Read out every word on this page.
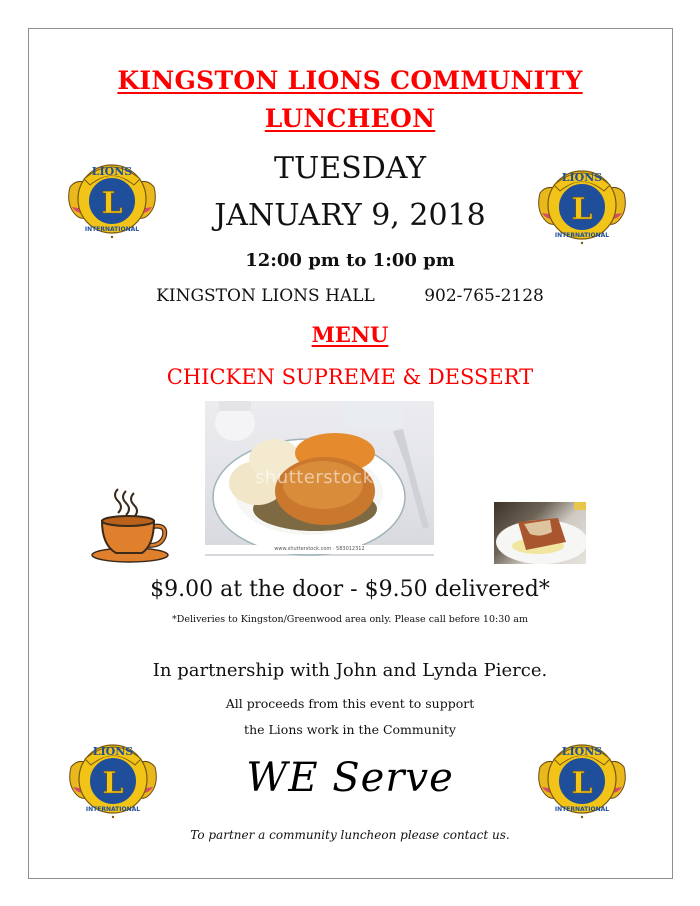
KINGSTON LIONS COMMUNITY
LUNCHEON
TUESDAY
JANUARY 9, 2018
12:00 pm to 1:00 pm
KINGSTON LIONS HALL	902-765-2128
MENU
CHICKEN SUPREME & DESSERT
shutterstock
www.shutterstock.com · 583012312
$9.00 at the door - $9.50 delivered*
*Deliveries to Kingston/Greenwood area only. Please call before 10:30 am
In partnership with John and Lynda Pierce.
All proceeds from this event to support
the Lions work in the Community
WE Serve
To partner a community luncheon please contact us.
